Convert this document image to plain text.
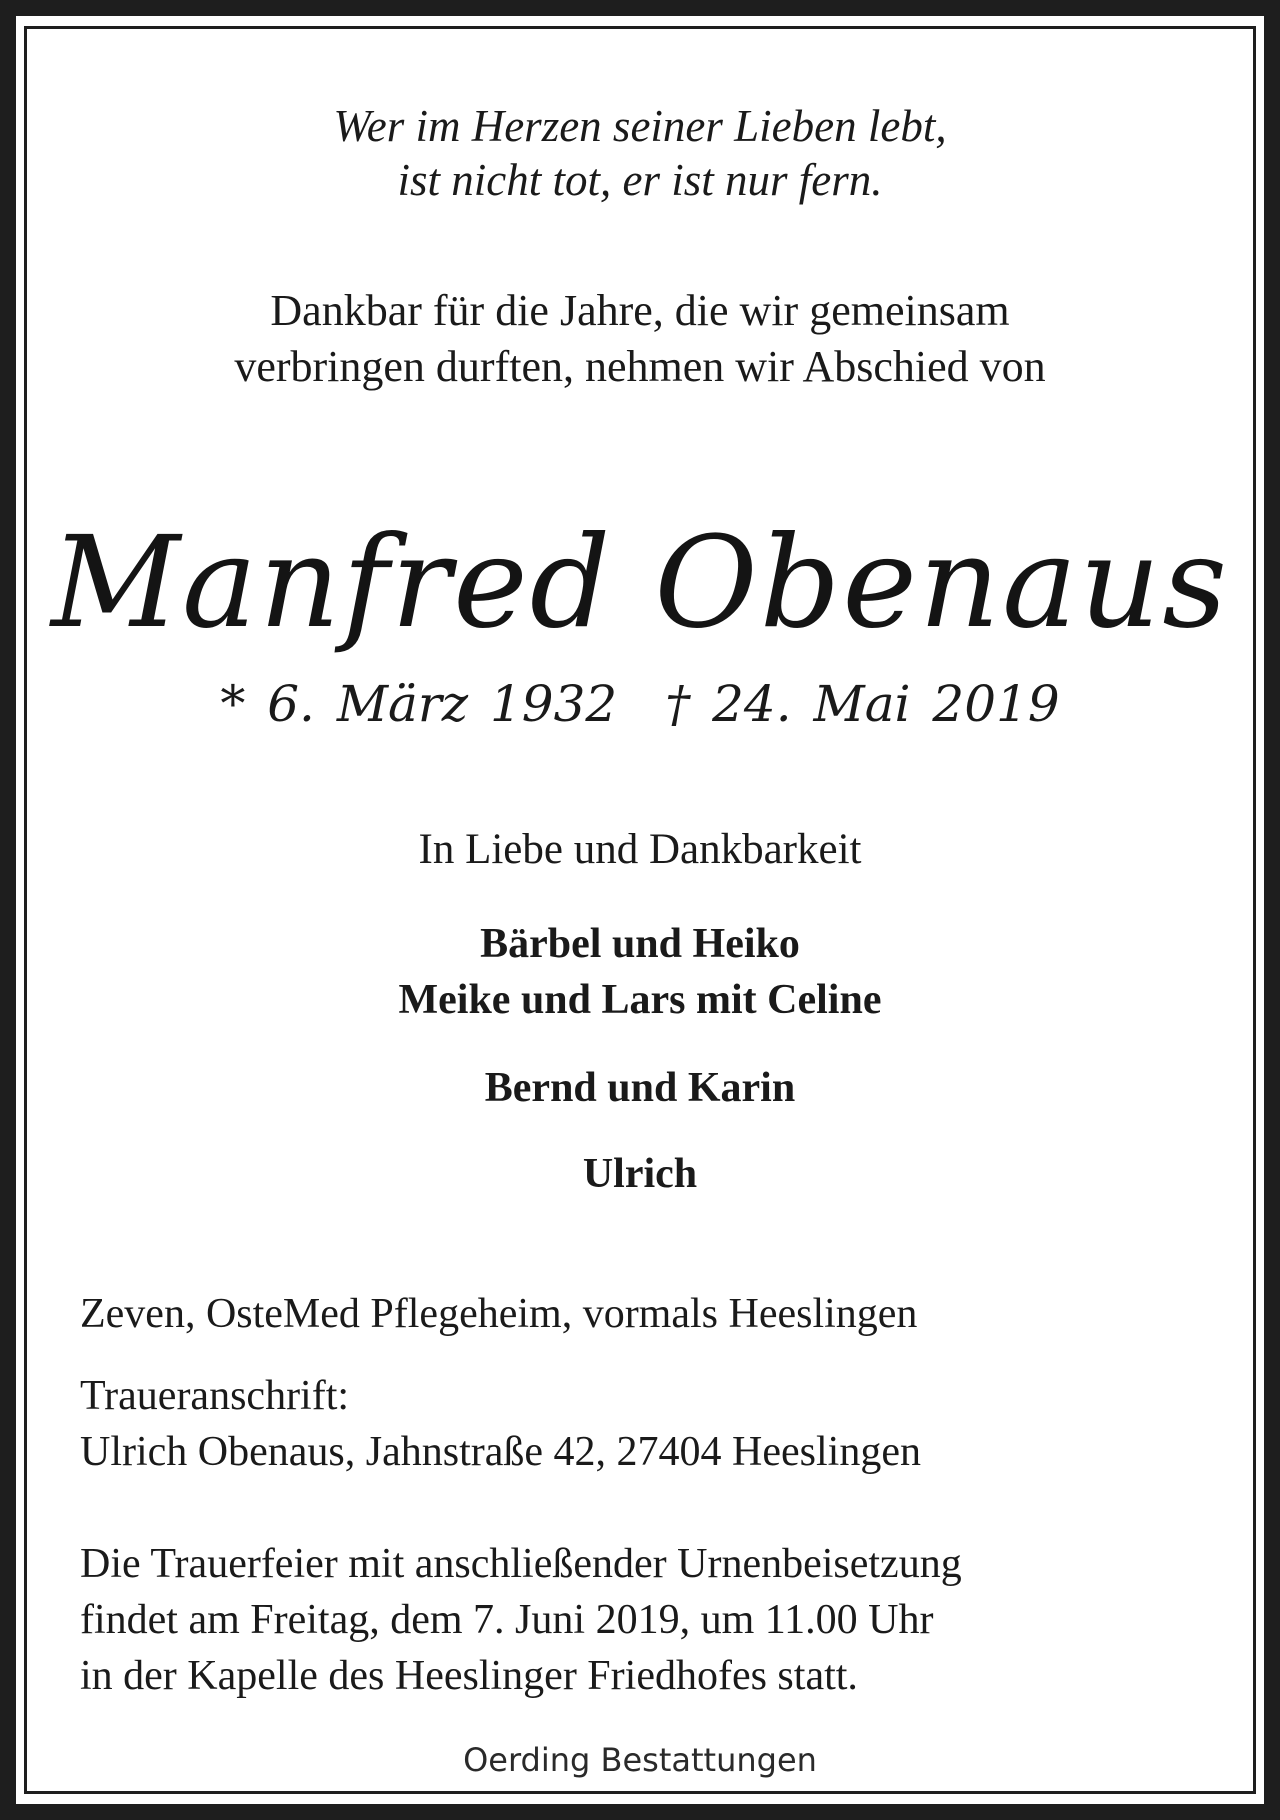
Wer im Herzen seiner Lieben lebt,

ist nicht tot, er ist nur fern.

Dankbar für die Jahre, die wir gemeinsam

verbringen durften, nehmen wir Abschied von

Manfred Obenaus

* 6. März 1932 † 24. Mai 2019

In Liebe und Dankbarkeit

Bärbel und Heiko

Meike und Lars mit Celine

Bernd und Karin

Ulrich

Zeven, OsteMed Pflegeheim, vormals Heeslingen

Traueranschrift:

Ulrich Obenaus, Jahnstraße 42, 27404 Heeslingen

Die Trauerfeier mit anschließender Urnenbeisetzung

findet am Freitag, dem 7. Juni 2019, um 11.00 Uhr

in der Kapelle des Heeslinger Friedhofes statt.

Oerding Bestattungen
